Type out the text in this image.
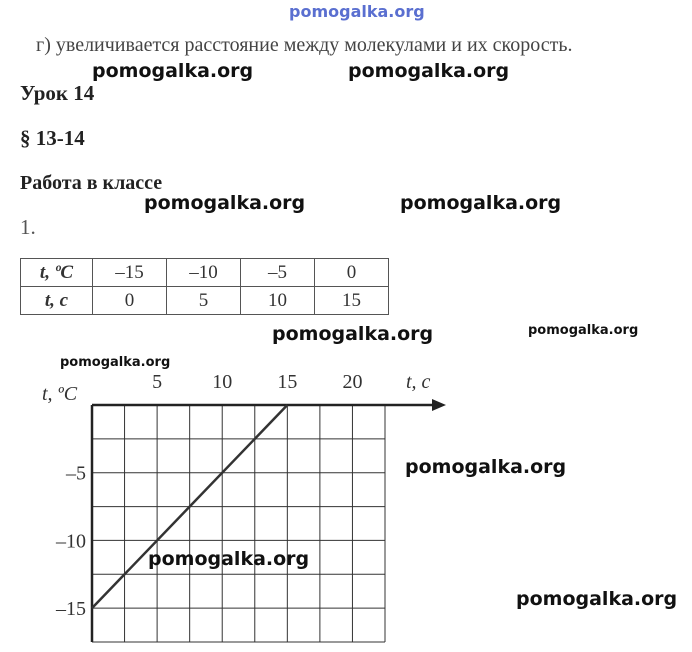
pomogalka.org
г) увеличивается расстояние между молекулами и их скорость.
Урок 14
§ 13-14
Работа в классе
1.
t, ºС	–15	–10	–5	0
t, с	0	5	10	15
5	10 15 20
–5
–10
–15
t, с
t, ºС
pomogalka.org	pomogalka.org
pomogalka.org	pomogalka.org
pomogalka.org	pomogalka.org
pomogalka.org
pomogalka.org
pomogalka.org
pomogalka.org
